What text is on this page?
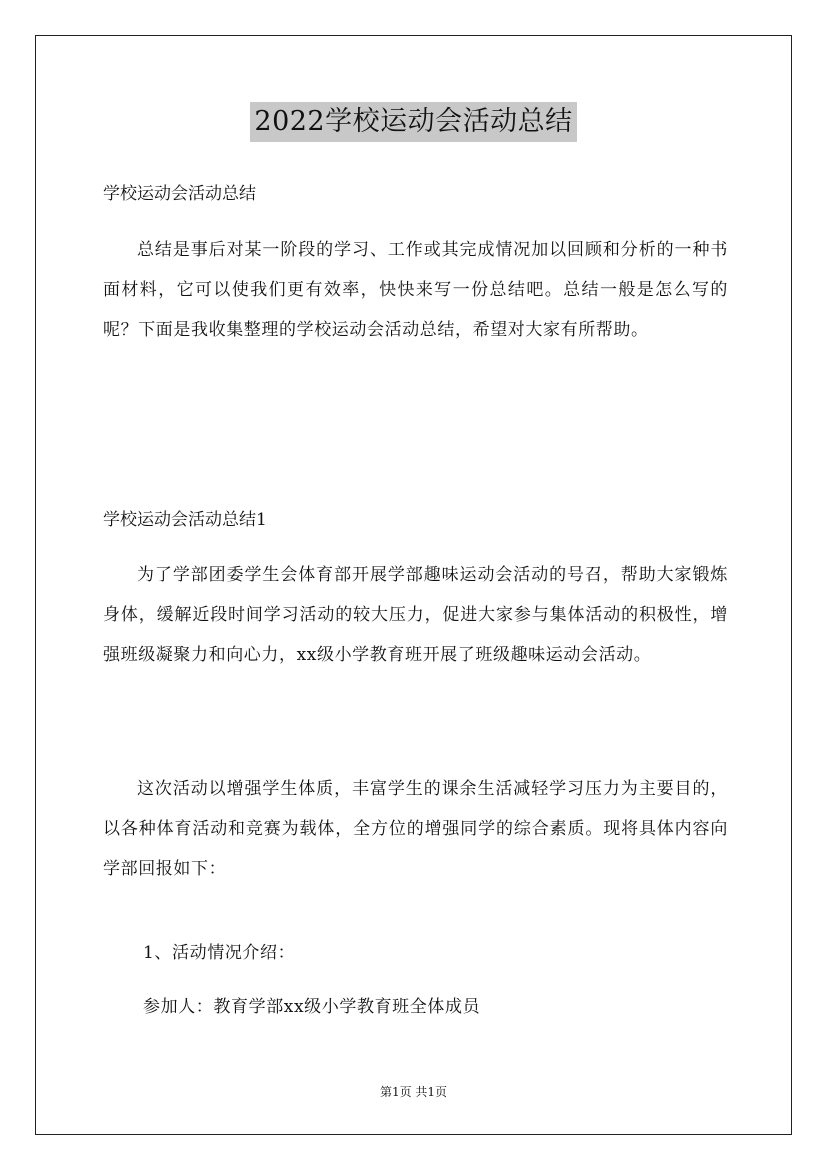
2022学校运动会活动总结
学校运动会活动总结
总结是事后对某一阶段的学习、工作或其完成情况加以回顾和分析的一种书面材料，它可以使我们更有效率，快快来写一份总结吧。总结一般是怎么写的呢？下面是我收集整理的学校运动会活动总结，希望对大家有所帮助。
学校运动会活动总结1
为了学部团委学生会体育部开展学部趣味运动会活动的号召，帮助大家锻炼身体，缓解近段时间学习活动的较大压力，促进大家参与集体活动的积极性，增强班级凝聚力和向心力，xx级小学教育班开展了班级趣味运动会活动。
这次活动以增强学生体质，丰富学生的课余生活减轻学习压力为主要目的，以各种体育活动和竞赛为载体，全方位的增强同学的综合素质。现将具体内容向学部回报如下：
1、活动情况介绍：
参加人：教育学部xx级小学教育班全体成员
第1页 共1页
